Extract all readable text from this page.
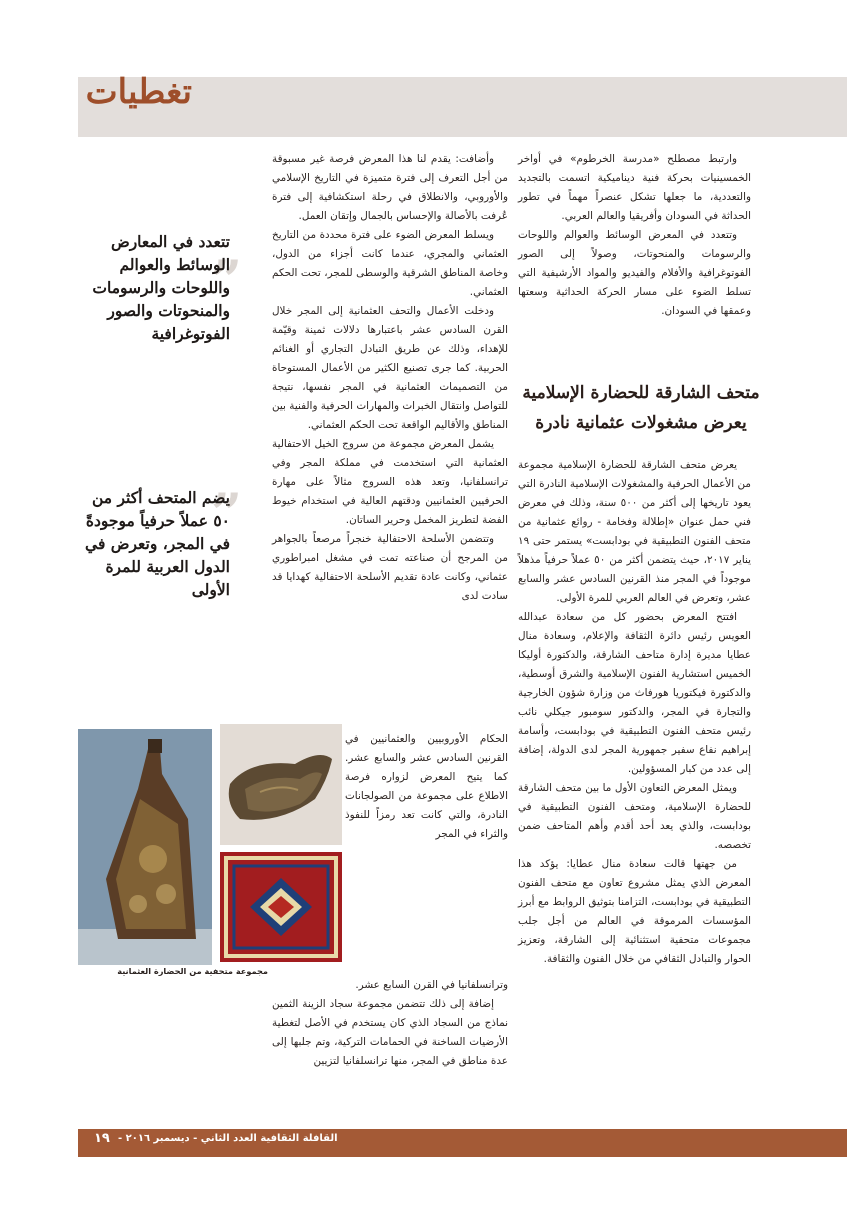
تغطيات

وارتبط مصطلح «مدرسة الخرطوم» في أواخر الخمسينيات بحركة فنية ديناميكية اتسمت بالتجديد والتعددية، ما جعلها تشكل عنصراً مهماً في تطور الحداثة في السودان وأفريقيا والعالم العربي.

وتتعدد في المعرض الوسائط والعوالم واللوحات والرسومات والمنحوتات، وصولاً إلى الصور الفوتوغرافية والأفلام والفيديو والمواد الأرشيفية التي تسلط الضوء على مسار الحركة الحداثية وسعتها وعمقها في السودان.

متحف الشارقة للحضارة الإسلامية
يعرض مشغولات عثمانية نادرة

يعرض متحف الشارقة للحضارة الإسلامية مجموعة من الأعمال الحرفية والمشغولات الإسلامية النادرة التي يعود تاريخها إلى أكثر من ٥٠٠ سنة، وذلك في معرض فني حمل عنوان «إطلالة وفخامة - روائع عثمانية من متحف الفنون التطبيقية في بودابست» يستمر حتى ١٩ يناير ٢٠١٧، حيث يتضمن أكثر من ٥٠ عملاً حرفياً مذهلاً موجوداً في المجر منذ القرنين السادس عشر والسابع عشر، وتعرض في العالم العربي للمرة الأولى.

افتتح المعرض بحضور كل من سعادة عبدالله العويس رئيس دائرة الثقافة والإعلام، وسعادة منال عطايا مديرة إدارة متاحف الشارقة، والدكتورة أوليكا الخميس استشارية الفنون الإسلامية والشرق أوسطية، والدكتورة فيكتوريا هورفاث من وزارة شؤون الخارجية والتجارة في المجر، والدكتور سومبور جيكلي نائب رئيس متحف الفنون التطبيقية في بودابست، وأسامة إبراهيم نفاع سفير جمهورية المجر لدى الدولة، إضافة إلى عدد من كبار المسؤولين.

ويمثل المعرض التعاون الأول ما بين متحف الشارقة للحضارة الإسلامية، ومتحف الفنون التطبيقية في بودابست، والذي يعد أحد أقدم وأهم المتاحف ضمن تخصصه.

من جهتها قالت سعادة منال عطايا: يؤكد هذا المعرض الذي يمثل مشروع تعاون مع متحف الفنون التطبيقية في بودابست، التزامنا بتوثيق الروابط مع أبرز المؤسسات المرموقة في العالم من أجل جلب مجموعات متحفية استثنائية إلى الشارقة، وتعزيز الحوار والتبادل الثقافي من خلال الفنون والثقافة.

وأضافت: يقدم لنا هذا المعرض فرصة غير مسبوقة من أجل التعرف إلى فترة متميزة في التاريخ الإسلامي والأوروبي، والانطلاق في رحلة استكشافية إلى فترة عُرفت بالأصالة والإحساس بالجمال وإتقان العمل.

ويسلط المعرض الضوء على فترة محددة من التاريخ العثماني والمجري، عندما كانت أجزاء من الدول، وخاصة المناطق الشرقية والوسطى للمجر، تحت الحكم العثماني.

ودخلت الأعمال والتحف العثمانية إلى المجر خلال القرن السادس عشر باعتبارها دلالات ثمينة وقيّمة للإهداء، وذلك عن طريق التبادل التجاري أو الغنائم الحربية. كما جرى تصنيع الكثير من الأعمال المستوحاة من التصميمات العثمانية في المجر نفسها، نتيجة للتواصل وانتقال الخبرات والمهارات الحرفية والفنية بين المناطق والأقاليم الواقعة تحت الحكم العثماني.

يشمل المعرض مجموعة من سروج الخيل الاحتفالية العثمانية التي استخدمت في مملكة المجر وفي ترانسلفانيا، وتعد هذه السروج مثالاً على مهارة الحرفيين العثمانيين ودقتهم العالية في استخدام خيوط الفضة لتطريز المخمل وحرير الساتان.

وتتضمن الأسلحة الاحتفالية خنجراً مرصعاً بالجواهر من المرجح أن صناعته تمت في مشغل امبراطوري عثماني، وكانت عادة تقديم الأسلحة الاحتفالية كهدايا قد سادت لدى

الحكام الأوروبيين والعثمانيين في القرنين السادس عشر والسابع عشر. كما يتيح المعرض لزواره فرصة الاطلاع على مجموعة من الصولجانات النادرة، والتي كانت تعد رمزاً للنفوذ والثراء في المجر

وترانسلفانيا في القرن السابع عشر.

إضافة إلى ذلك تتضمن مجموعة سجاد الزينة الثمين نماذج من السجاد الذي كان يستخدم في الأصل لتغطية الأرضيات الساخنة في الحمامات التركية، وتم جلبها إلى عدة مناطق في المجر، منها ترانسلفانيا لتزيين

„
تتعدد في المعارض الوسائط والعوالم واللوحات والرسومات والمنحوتات والصور الفوتوغرافية
„
يضم المتحف أكثر من ٥٠ عملاً حرفياً موجودةً في المجر، وتعرض في الدول العربية للمرة الأولى
مجموعة متحفية من الحضارة العثمانية
١٩	القافلة الثقافية العدد الثاني - ديسمبر ٢٠١٦ -
